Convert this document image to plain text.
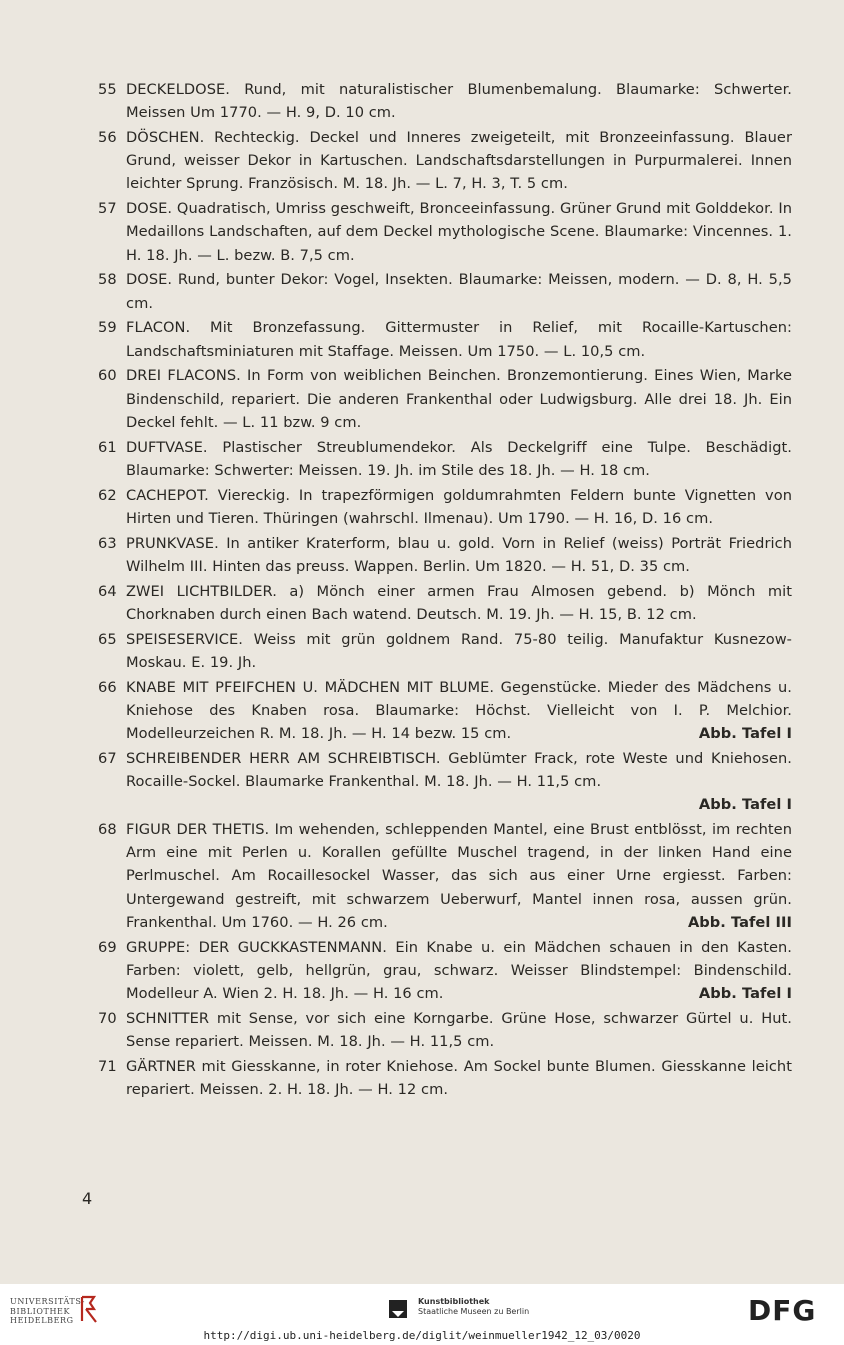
55 DECKELDOSE. Rund, mit naturalistischer Blumenbemalung. Blaumarke: Schwerter. Meissen Um 1770. — H. 9, D. 10 cm.
56 DÖSCHEN. Rechteckig. Deckel und Inneres zweigeteilt, mit Bronzeeinfassung. Blauer Grund, weisser Dekor in Kartuschen. Landschaftsdarstellungen in Purpurmalerei. Innen leichter Sprung. Französisch. M. 18. Jh. — L. 7, H. 3, T. 5 cm.
57 DOSE. Quadratisch, Umriss geschweift, Bronceeinfassung. Grüner Grund mit Golddekor. In Medaillons Landschaften, auf dem Deckel mythologische Scene. Blaumarke: Vincennes. 1. H. 18. Jh. — L. bezw. B. 7,5 cm.
58 DOSE. Rund, bunter Dekor: Vogel, Insekten. Blaumarke: Meissen, modern. — D. 8, H. 5,5 cm.
59 FLACON. Mit Bronzefassung. Gittermuster in Relief, mit Rocaille-Kartuschen: Landschaftsminiaturen mit Staffage. Meissen. Um 1750. — L. 10,5 cm.
60 DREI FLACONS. In Form von weiblichen Beinchen. Bronzemontierung. Eines Wien, Marke Bindenschild, repariert. Die anderen Frankenthal oder Ludwigsburg. Alle drei 18. Jh. Ein Deckel fehlt. — L. 11 bzw. 9 cm.
61 DUFTVASE. Plastischer Streublumendekor. Als Deckelgriff eine Tulpe. Beschädigt. Blaumarke: Schwerter: Meissen. 19. Jh. im Stile des 18. Jh. — H. 18 cm.
62 CACHEPOT. Viereckig. In trapezförmigen goldumrahmten Feldern bunte Vignetten von Hirten und Tieren. Thüringen (wahrschl. Ilmenau). Um 1790. — H. 16, D. 16 cm.
63 PRUNKVASE. In antiker Kraterform, blau u. gold. Vorn in Relief (weiss) Porträt Friedrich Wilhelm III. Hinten das preuss. Wappen. Berlin. Um 1820. — H. 51, D. 35 cm.
64 ZWEI LICHTBILDER. a) Mönch einer armen Frau Almosen gebend. b) Mönch mit Chorknaben durch einen Bach watend. Deutsch. M. 19. Jh. — H. 15, B. 12 cm.
65 SPEISESERVICE. Weiss mit grün goldnem Rand. 75-80 teilig. Manufaktur Kusnezow-Moskau. E. 19. Jh.
66 KNABE MIT PFEIFCHEN U. MÄDCHEN MIT BLUME. Gegenstücke. Mieder des Mädchens u. Kniehose des Knaben rosa. Blaumarke: Höchst. Vielleicht von I. P. Melchior. Modelleurzeichen R. M. 18. Jh. — H. 14 bezw. 15 cm.	Abb. Tafel I
67 SCHREIBENDER HERR AM SCHREIBTISCH. Geblümter Frack, rote Weste und Kniehosen. Rocaille-Sockel. Blaumarke Frankenthal. M. 18. Jh. — H. 11,5 cm.
Abb. Tafel I
68 FIGUR DER THETIS. Im wehenden, schleppenden Mantel, eine Brust entblösst, im rechten Arm eine mit Perlen u. Korallen gefüllte Muschel tragend, in der linken Hand eine Perlmuschel. Am Rocaillesockel Wasser, das sich aus einer Urne ergiesst. Farben: Untergewand gestreift, mit schwarzem Ueberwurf, Mantel innen rosa, aussen grün. Frankenthal. Um 1760. — H. 26 cm.	Abb. Tafel III
69 GRUPPE: DER GUCKKASTENMANN. Ein Knabe u. ein Mädchen schauen in den Kasten. Farben: violett, gelb, hellgrün, grau, schwarz. Weisser Blindstempel: Bindenschild. Modelleur A. Wien 2. H. 18. Jh. — H. 16 cm.	Abb. Tafel I
70 SCHNITTER mit Sense, vor sich eine Korngarbe. Grüne Hose, schwarzer Gürtel u. Hut. Sense repariert. Meissen. M. 18. Jh. — H. 11,5 cm.
71 GÄRTNER mit Giesskanne, in roter Kniehose. Am Sockel bunte Blumen. Giesskanne leicht repariert. Meissen. 2. H. 18. Jh. — H. 12 cm.
4
UNIVERSITÄTS-
BIBLIOTHEK
HEIDELBERG
Kunstbibliothek
Staatliche Museen zu Berlin	DFG
http://digi.ub.uni-heidelberg.de/diglit/weinmueller1942_12_03/0020
